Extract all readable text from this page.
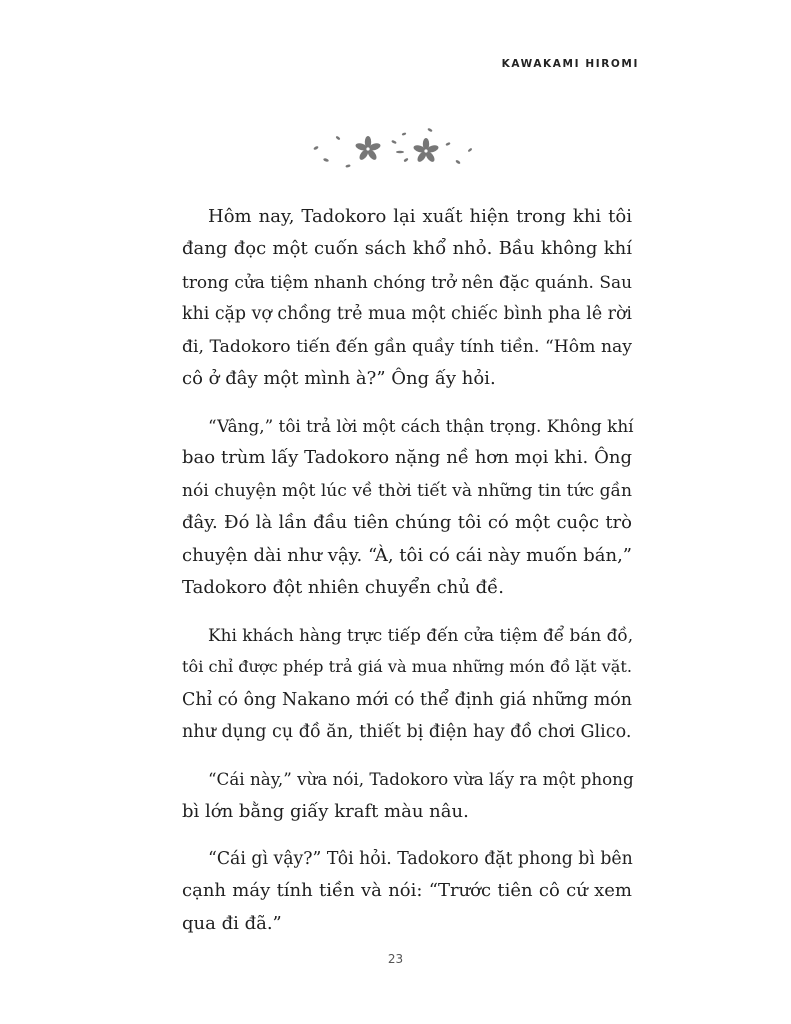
KAWAKAMI HIROMI

Hôm nay, Tadokoro lại xuất hiện trong khi tôi
đang đọc một cuốn sách khổ nhỏ. Bầu không khí
trong cửa tiệm nhanh chóng trở nên đặc quánh. Sau
khi cặp vợ chồng trẻ mua một chiếc bình pha lê rời
đi, Tadokoro tiến đến gần quầy tính tiền. “Hôm nay
cô ở đây một mình à?” Ông ấy hỏi.

“Vâng,” tôi trả lời một cách thận trọng. Không khí
bao trùm lấy Tadokoro nặng nề hơn mọi khi. Ông
nói chuyện một lúc về thời tiết và những tin tức gần
đây. Đó là lần đầu tiên chúng tôi có một cuộc trò
chuyện dài như vậy. “À, tôi có cái này muốn bán,”
Tadokoro đột nhiên chuyển chủ đề.

Khi khách hàng trực tiếp đến cửa tiệm để bán đồ,
tôi chỉ được phép trả giá và mua những món đồ lặt vặt.
Chỉ có ông Nakano mới có thể định giá những món
như dụng cụ đồ ăn, thiết bị điện hay đồ chơi Glico.

“Cái này,” vừa nói, Tadokoro vừa lấy ra một phong
bì lớn bằng giấy kraft màu nâu.

“Cái gì vậy?” Tôi hỏi. Tadokoro đặt phong bì bên
cạnh máy tính tiền và nói: “Trước tiên cô cứ xem
qua đi đã.”

23
